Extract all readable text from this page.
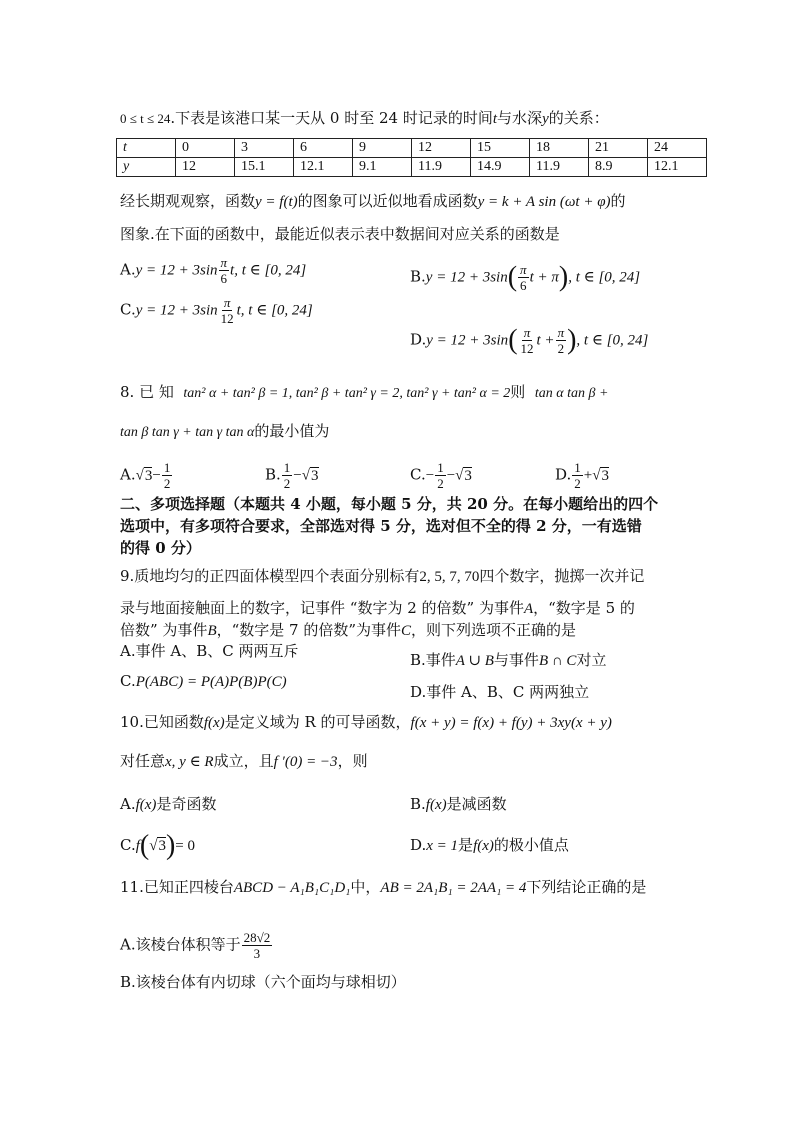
0 ≤ t ≤ 24.下表是该港口某一天从 0 时至 24 时记录的时间t与水深y的关系：
t	0	3	6	9	12	15	18	21	24
y	12	15.1	12.1	9.1	11.9	14.9	11.9	8.9	12.1
经长期观观察，函数y = f(t)的图象可以近似地看成函数y = k + A sin (ωt + φ)的
图象.在下面的函数中，最能近似表示表中数据间对应关系的函数是
$A.y = 12 + 3\sin \frac{\pi}{6} t$, t ∈ [0, 24]	$B.y = 12 + 3\sin( \frac{\pi}{6}$ t + π), t ∈ [0, 24]
$C.y = 12 + 3\sin \frac{\pi}{12} t$, t ∈ [0, 24]
$D.y = 12 + 3\sin( \frac{\pi}{12}$ $t + \frac{\pi}{2}$ ), t ∈ [0, 24]
8. 已 知 tan² α + tan² β = 1, tan² β + tan² γ = 2, tan² γ + tan² α = 2则 tan α tan β +
tan β tan γ + tan γ tan α的最小值为
$A.√3- \frac{1}{2}$	B. $\frac{1}{2} -√3$	$C.- \frac{1}{2} -√3$	D. $\frac{1}{2} +√3$
二、多项选择题（本题共 4 小题，每小题 5 分，共 20 分。在每小题给出的四个
选项中，有多项符合要求，全部选对得 5 分，选对但不全的得 2 分，一有选错
的得 0 分）
9.质地均匀的正四面体模型四个表面分别标有2, 5, 7, 70四个数字，抛掷一次并记
录与地面接触面上的数字，记事件 “数字为 2 的倍数” 为事件A，“数字是 5 的
倍数” 为事件B，“数字是 7 的倍数”为事件C，则下列选项不正确的是
A.事件 A、B、C 两两互斥	B.事件A ∪ B与事件B ∩ C对立
C.P(ABC) = P(A)P(B)P(C)
D.事件 A、B、C 两两独立
10.已知函数f(x)是定义域为 R 的可导函数，f(x + y) = f(x) + f(y) + 3xy(x + y)
对任意x, y ∈ R成立，且f ′(0) = −3，则
A.f(x)是奇函数	B.f(x)是减函数
C.f(√3)= 0	D.x = 1是f(x)的极小值点
11.已知正四棱台ABCD − A₁B₁C₁D₁中，AB = 2A₁B₁ = 2AA₁ = 4下列结论正确的是
A.该棱台体积等于 $\frac{28√2}{3}$
B.该棱台体有内切球（六个面均与球相切）
